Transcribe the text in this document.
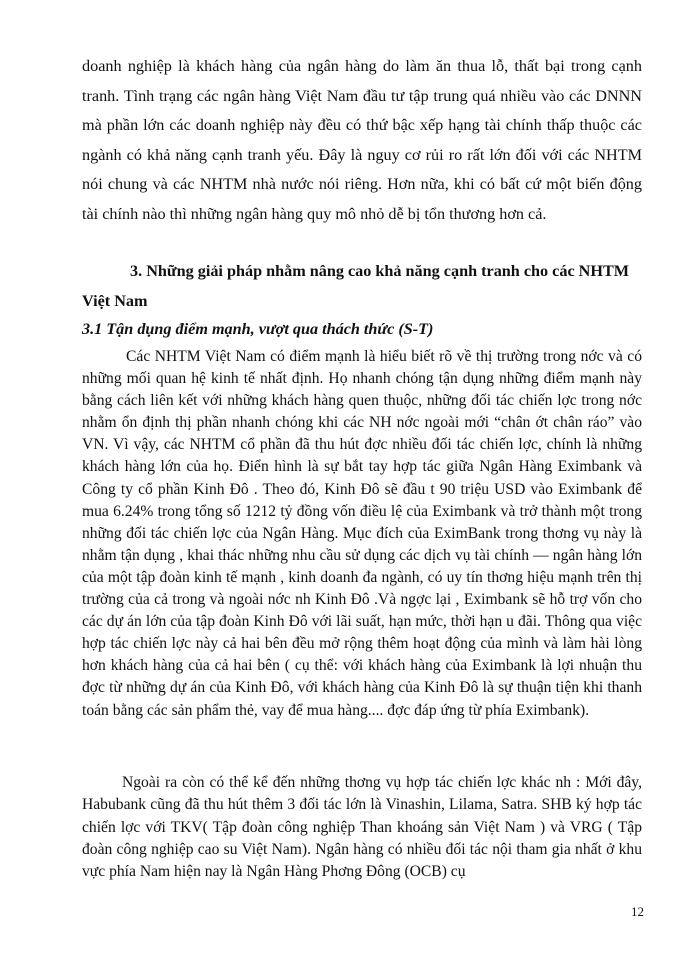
doanh nghiệp là khách hàng của ngân hàng do làm ăn thua lỗ, thất bại trong cạnh tranh. Tình trạng các ngân hàng Việt Nam đầu tư tập trung quá nhiều vào các DNNN mà phần lớn các doanh nghiệp này đều có thứ bậc xếp hạng tài chính thấp thuộc các ngành có khả năng cạnh tranh yếu. Đây là nguy cơ rủi ro rất lớn đối với các NHTM nói chung và các NHTM nhà nước nói riêng. Hơn nữa, khi có bất cứ một biến động tài chính nào thì những ngân hàng quy mô nhỏ dễ bị tổn thương hơn cả.

3. Những giải pháp nhằm nâng cao khả năng cạnh tranh cho các NHTM Việt Nam

3.1 Tận dụng điểm mạnh, vượt qua thách thức (S-T)

Các NHTM Việt Nam có điểm mạnh là hiểu biết rõ về thị trường trong nớc và có những mối quan hệ kinh tế nhất định. Họ nhanh chóng tận dụng những điểm mạnh này bằng cách liên kết với những khách hàng quen thuộc, những đối tác chiến lợc trong nớc nhằm ổn định thị phần nhanh chóng khi các NH nớc ngoài mới “chân ớt chân ráo” vào VN. Vì vậy, các NHTM cổ phần đã thu hút đợc nhiều đối tác chiến lợc, chính là những khách hàng lớn của họ. Điển hình là sự bắt tay hợp tác giữa Ngân Hàng Eximbank và Công ty cổ phần Kinh Đô . Theo đó, Kinh Đô sẽ đầu t 90 triệu USD vào Eximbank để mua 6.24% trong tổng số 1212 tỷ đồng vốn điều lệ của Eximbank và trở thành một trong những đối tác chiến lợc của Ngân Hàng. Mục đích của EximBank trong thơng vụ này là nhằm tận dụng , khai thác những nhu cầu sử dụng các dịch vụ tài chính — ngân hàng lớn của một tập đoàn kinh tế mạnh , kinh doanh đa ngành, có uy tín thơng hiệu mạnh trên thị trường của cả trong và ngoài nớc nh Kinh Đô .Và ngợc lại , Eximbank sẽ hỗ trợ vốn cho các dự án lớn của tập đoàn Kinh Đô với lãi suất, hạn mức, thời hạn u đãi. Thông qua việc hợp tác chiến lợc này cả hai bên đều mở rộng thêm hoạt động của mình và làm hài lòng hơn khách hàng của cả hai bên ( cụ thể: với khách hàng của Eximbank là lợi nhuận thu đợc từ những dự án của Kinh Đô, với khách hàng của Kinh Đô là sự thuận tiện khi thanh toán bằng các sản phẩm thẻ, vay để mua hàng.... đợc đáp ứng từ phía Eximbank).

Ngoài ra còn có thể kể đến những thơng vụ hợp tác chiến lợc khác nh : Mới đây, Habubank cũng đã thu hút thêm 3 đối tác lớn là Vinashin, Lilama, Satra. SHB ký hợp tác chiến lợc với TKV( Tập đoàn công nghiệp Than khoáng sản Việt Nam ) và VRG ( Tập đoàn công nghiệp cao su Việt Nam). Ngân hàng có nhiều đối tác nội tham gia nhất ở khu vực phía Nam hiện nay là Ngân Hàng Phơng Đông (OCB) cụ

12
